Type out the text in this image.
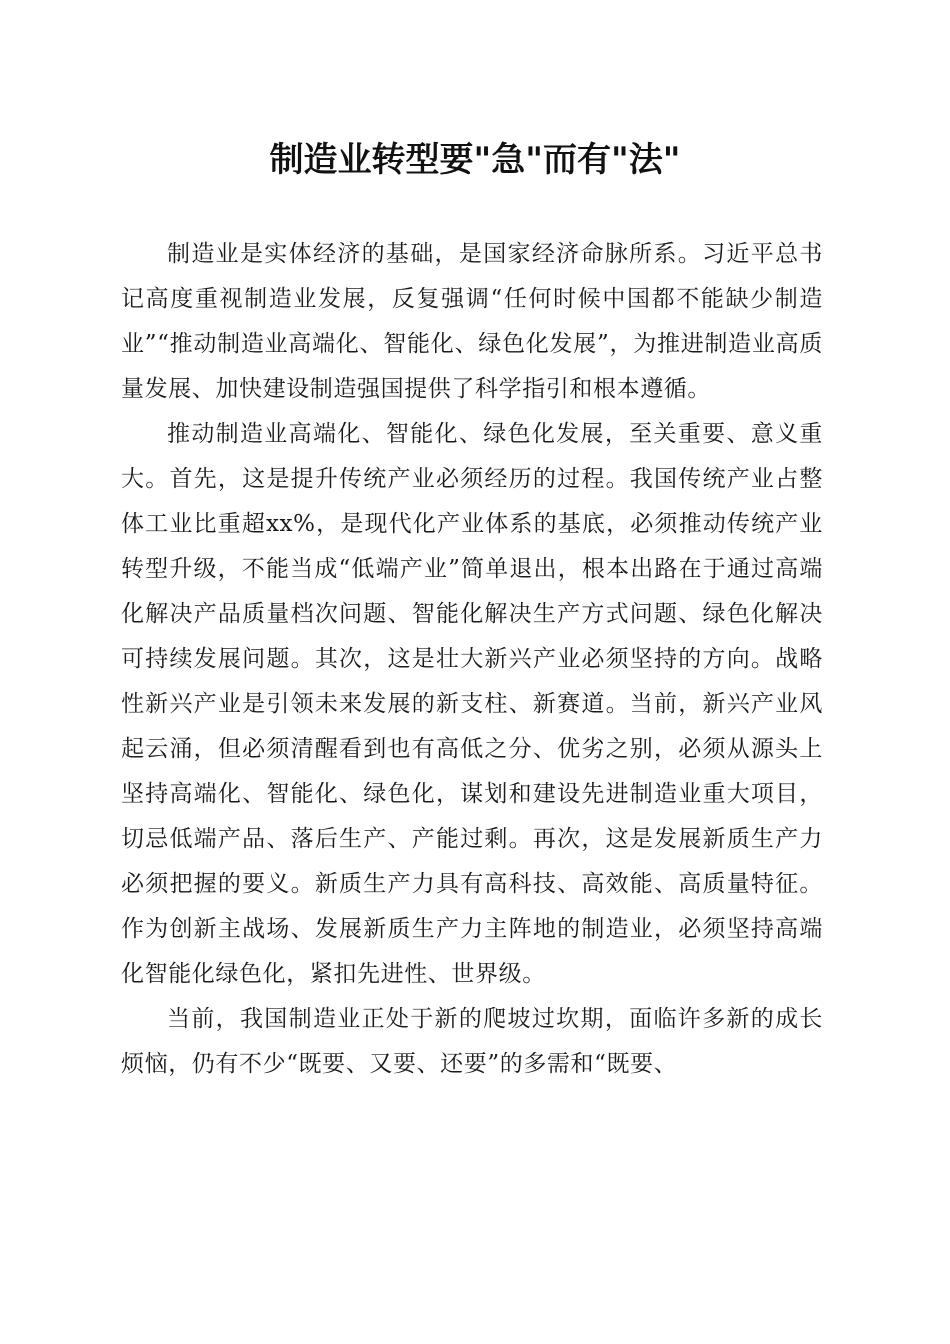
制造业转型要"急"而有"法"

制造业是实体经济的基础，是国家经济命脉所系。习近平总书记高度重视制造业发展，反复强调“任何时候中国都不能缺少制造业”“推动制造业高端化、智能化、绿色化发展”，为推进制造业高质量发展、加快建设制造强国提供了科学指引和根本遵循。

推动制造业高端化、智能化、绿色化发展，至关重要、意义重大。首先，这是提升传统产业必须经历的过程。我国传统产业占整体工业比重超xx%，是现代化产业体系的基底，必须推动传统产业转型升级，不能当成“低端产业”简单退出，根本出路在于通过高端化解决产品质量档次问题、智能化解决生产方式问题、绿色化解决可持续发展问题。其次，这是壮大新兴产业必须坚持的方向。战略性新兴产业是引领未来发展的新支柱、新赛道。当前，新兴产业风起云涌，但必须清醒看到也有高低之分、优劣之别，必须从源头上坚持高端化、智能化、绿色化，谋划和建设先进制造业重大项目，切忌低端产品、落后生产、产能过剩。再次，这是发展新质生产力必须把握的要义。新质生产力具有高科技、高效能、高质量特征。作为创新主战场、发展新质生产力主阵地的制造业，必须坚持高端化智能化绿色化，紧扣先进性、世界级。

当前，我国制造业正处于新的爬坡过坎期，面临许多新的成长烦恼，仍有不少“既要、又要、还要”的多需和“既要、
